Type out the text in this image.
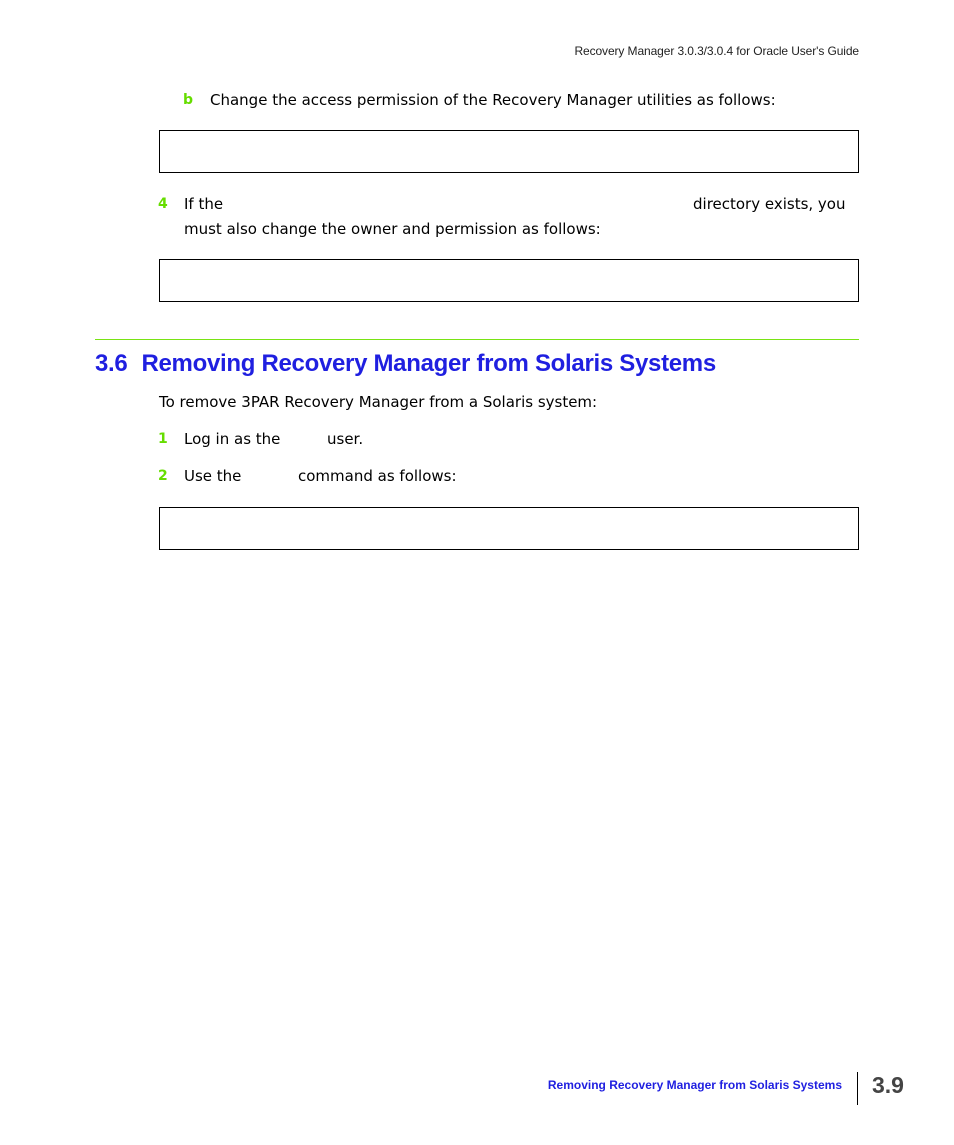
Recovery Manager 3.0.3/3.0.4 for Oracle User's Guide
b Change the access permission of the Recovery Manager utilities as follows:
4 If the	directory exists, you
must also change the owner and permission as follows:
3.6 Removing Recovery Manager from Solaris Systems
To remove 3PAR Recovery Manager from a Solaris system:
1 Log in as the	user.
2 Use the	command as follows:
Removing Recovery Manager from Solaris Systems 3.9
